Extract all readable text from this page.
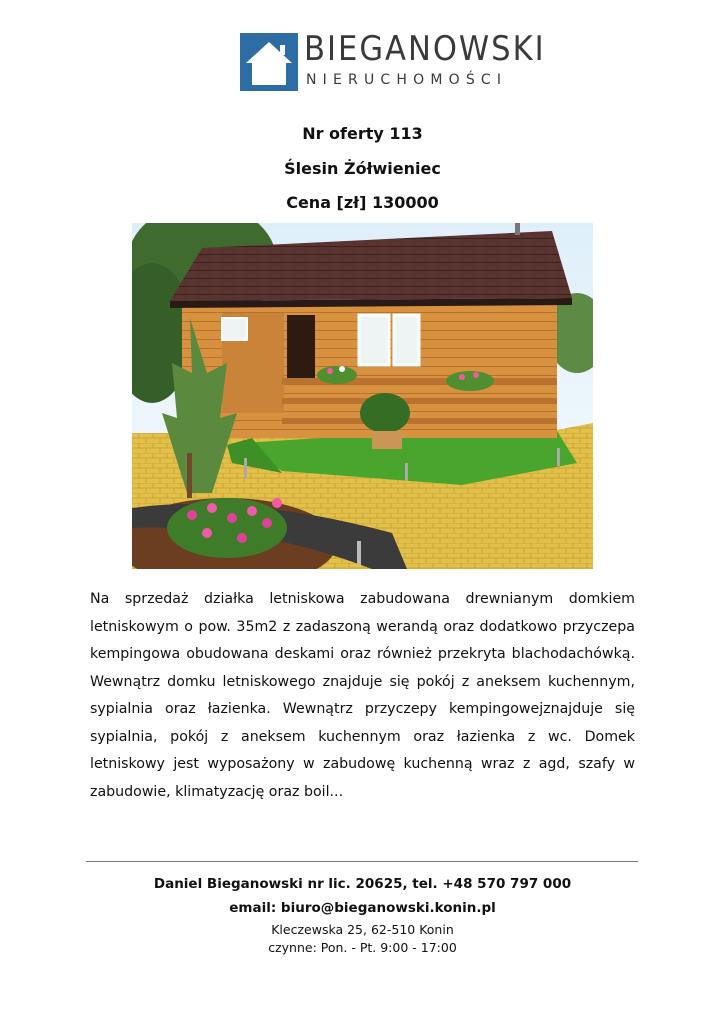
BIEGANOWSKI
NIERUCHOMOŚCI
Nr oferty 113
Ślesin Żółwieniec
Cena [zł] 130000

Na sprzedaż działka letniskowa zabudowana drewnianym domkiem letniskowym o pow. 35m2 z zadaszoną werandą oraz dodatkowo przyczepa kempingowa obudowana deskami oraz również przekryta blachodachówką. Wewnątrz domku letniskowego znajduje się pokój z aneksem kuchennym, sypialnia oraz łazienka. Wewnątrz przyczepy kempingowejznajduje się sypialnia, pokój z aneksem kuchennym oraz łazienka z wc. Domek letniskowy jest wyposażony w zabudowę kuchenną wraz z agd, szafy w zabudowie, klimatyzację oraz boil...

Daniel Bieganowski nr lic. 20625, tel. +48 570 797 000
email: biuro@bieganowski.konin.pl
Kleczewska 25, 62-510 Konin
czynne: Pon. - Pt. 9:00 - 17:00
